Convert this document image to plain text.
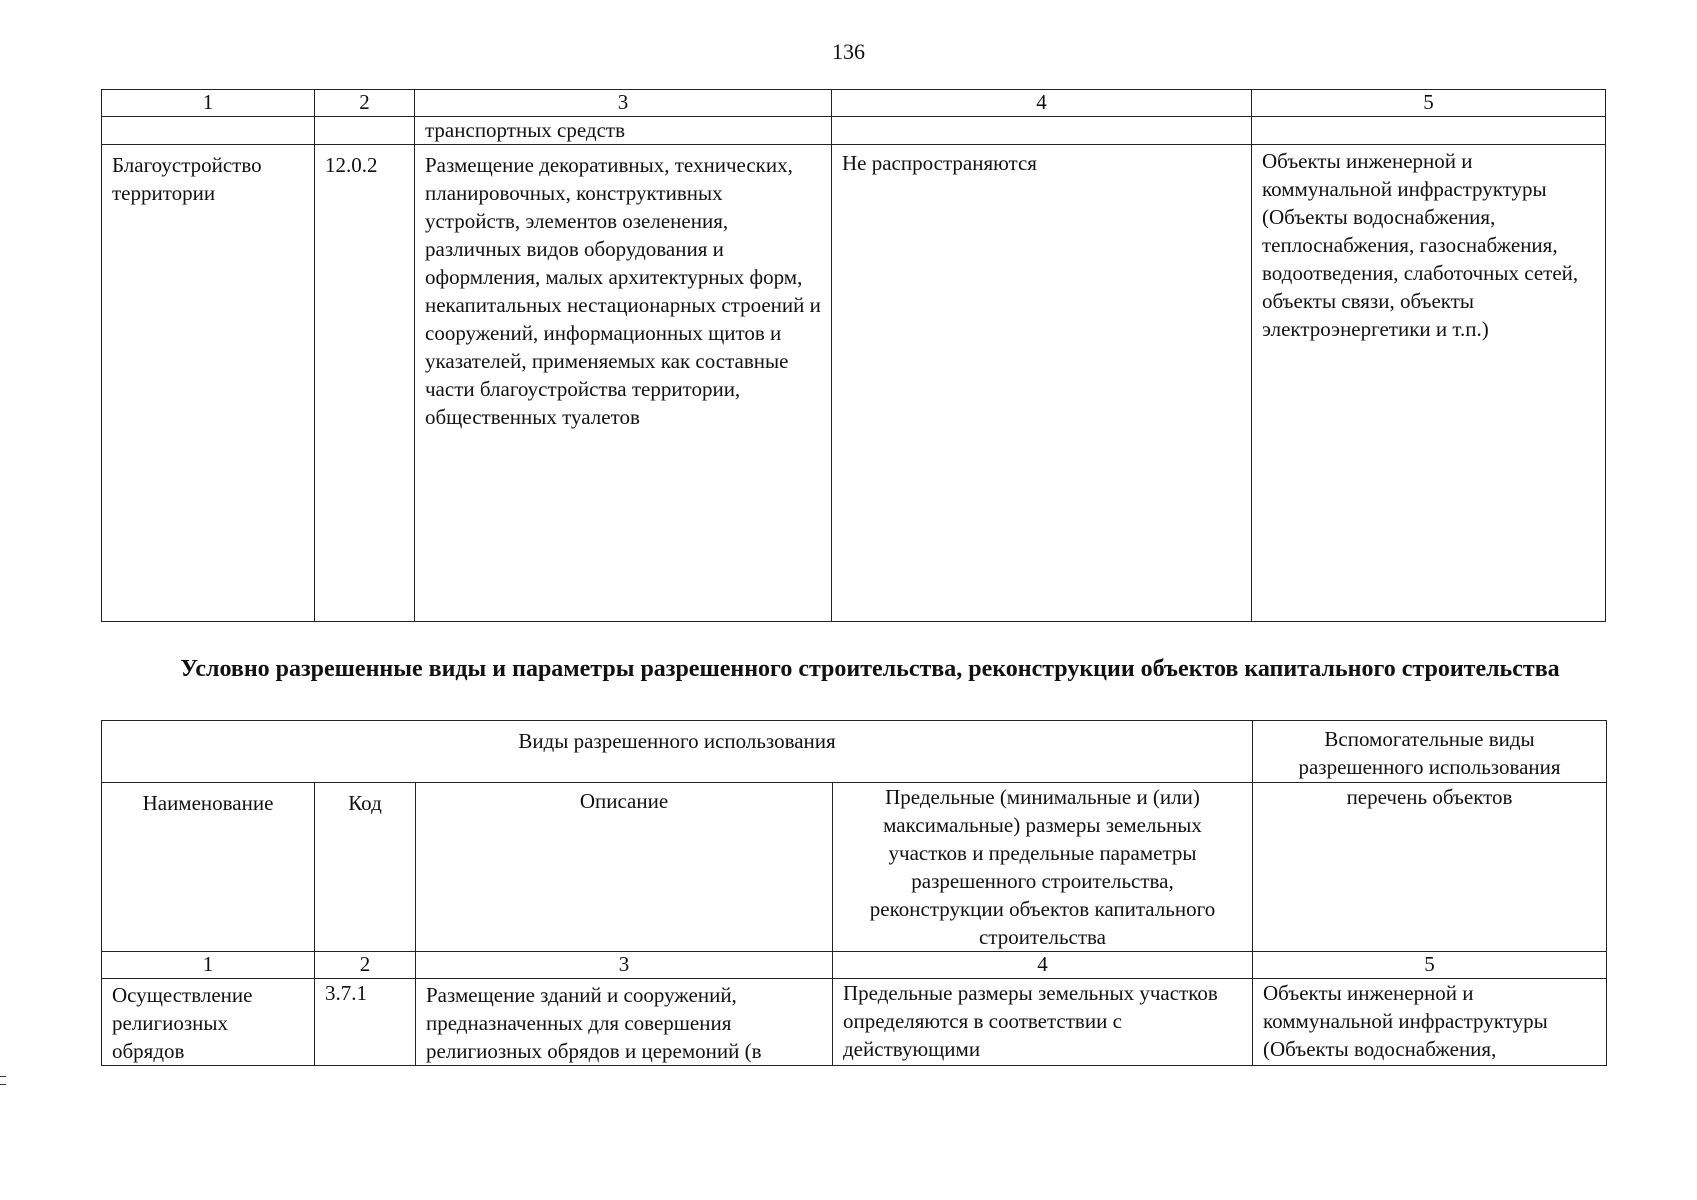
136
1	2	3	4	5
		транспортных средств		
Благоустройство территории	12.0.2	Размещение декоративных, технических, планировочных, конструктивных устройств, элементов озеленения, различных видов оборудования и оформления, малых архитектурных форм, некапитальных нестационарных строений и сооружений, информационных щитов и указателей, применяемых как составные части благоустройства территории, общественных туалетов	Не распространяются	Объекты инженерной и коммунальной инфраструктуры (Объекты водоснабжения, теплоснабжения, газоснабжения, водоотведения, слаботочных сетей, объекты связи, объекты электроэнергетики и т.п.)
Условно разрешенные виды и параметры разрешенного строительства, реконструкции объектов капитального строительства
Виды разрешенного использования				Вспомогательные виды разрешенного использования
Наименование	Код	Описание	Предельные (минимальные и (или) максимальные) размеры земельных участков и предельные параметры разрешенного строительства, реконструкции объектов капитального строительства	перечень объектов
1	2	3	4	5
Осуществление религиозных обрядов	3.7.1	Размещение зданий и сооружений, предназначенных для совершения религиозных обрядов и церемоний (в	Предельные размеры земельных участков определяются в соответствии с действующими	Объекты инженерной и коммунальной инфраструктуры (Объекты водоснабжения,
